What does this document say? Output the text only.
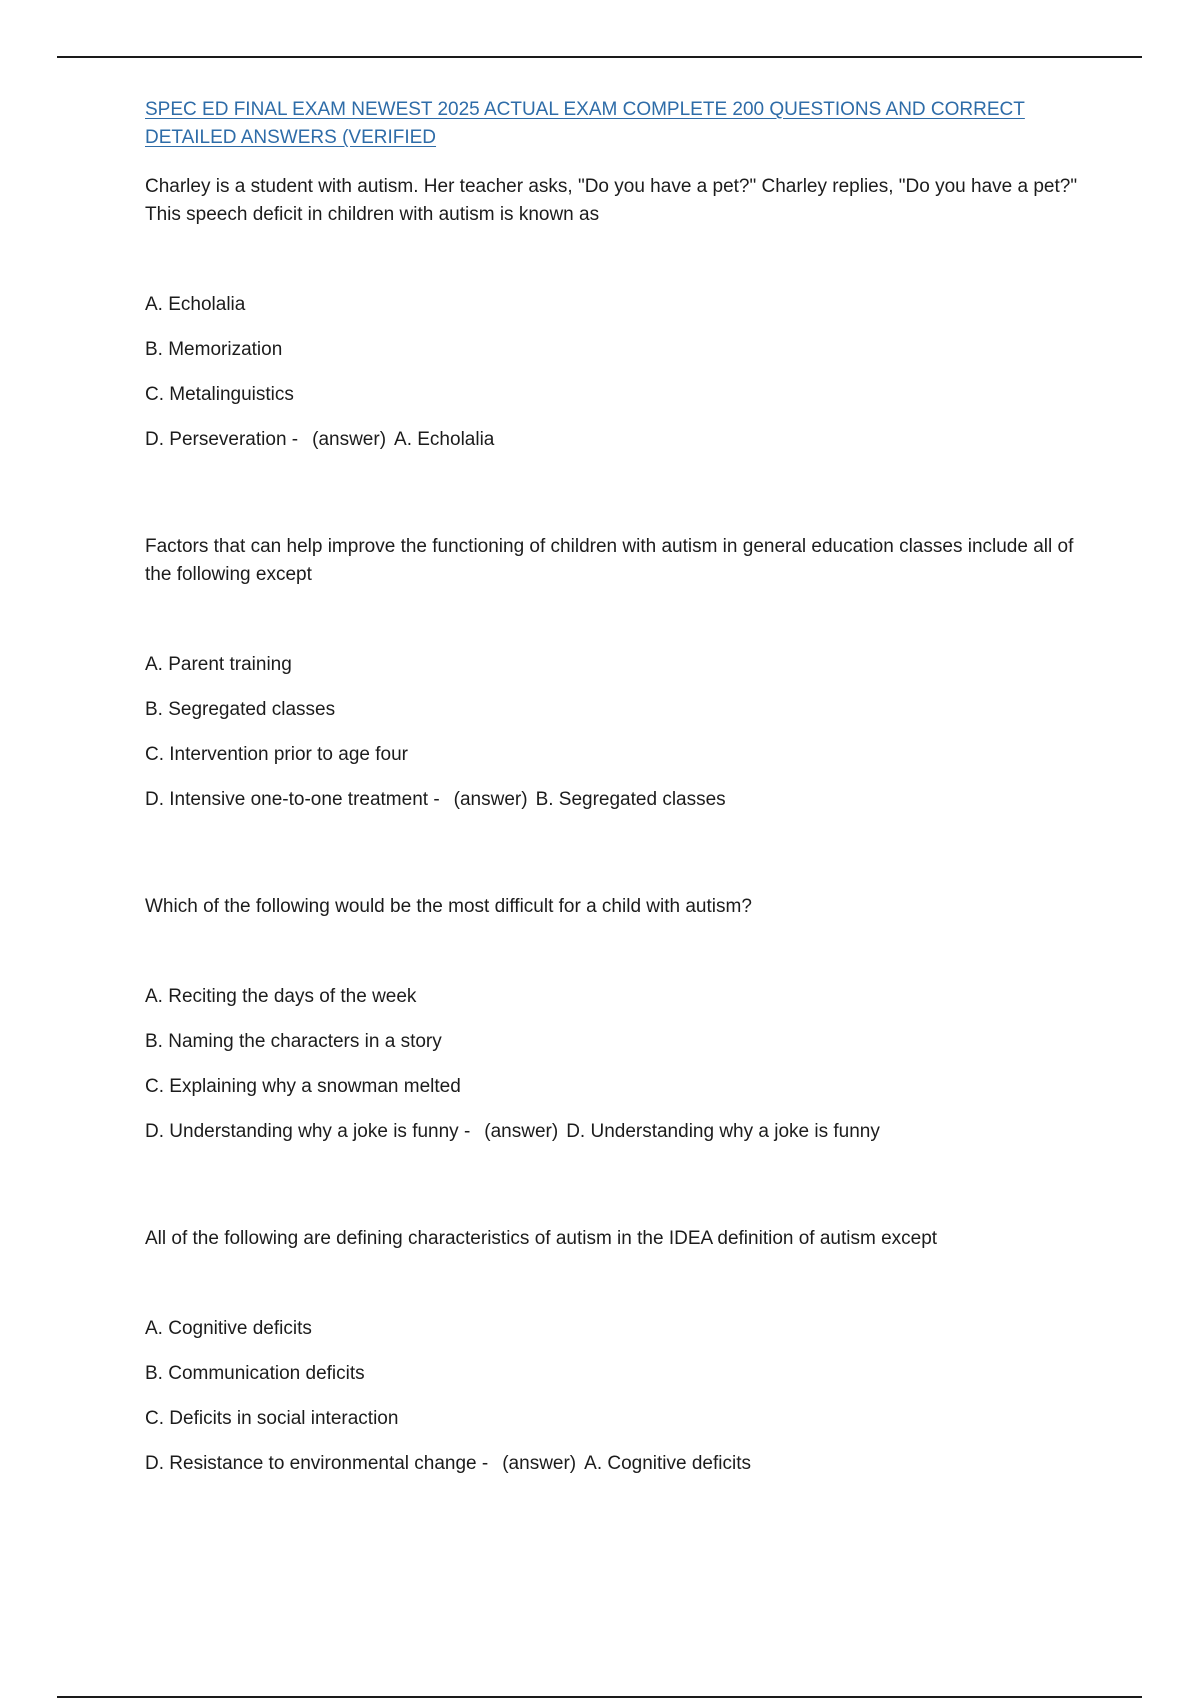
SPEC ED FINAL EXAM NEWEST 2025 ACTUAL EXAM COMPLETE 200 QUESTIONS AND CORRECT DETAILED ANSWERS (VERIFIED

Charley is a student with autism. Her teacher asks, "Do you have a pet?" Charley replies, "Do you have a pet?" This speech deficit in children with autism is known as

A. Echolalia

B. Memorization

C. Metalinguistics

D. Perseveration - (answer) A. Echolalia

Factors that can help improve the functioning of children with autism in general education classes include all of the following except

A. Parent training

B. Segregated classes

C. Intervention prior to age four

D. Intensive one-to-one treatment - (answer) B. Segregated classes

Which of the following would be the most difficult for a child with autism?

A. Reciting the days of the week

B. Naming the characters in a story

C. Explaining why a snowman melted

D. Understanding why a joke is funny - (answer) D. Understanding why a joke is funny

All of the following are defining characteristics of autism in the IDEA definition of autism except

A. Cognitive deficits

B. Communication deficits

C. Deficits in social interaction

D. Resistance to environmental change - (answer) A. Cognitive deficits
